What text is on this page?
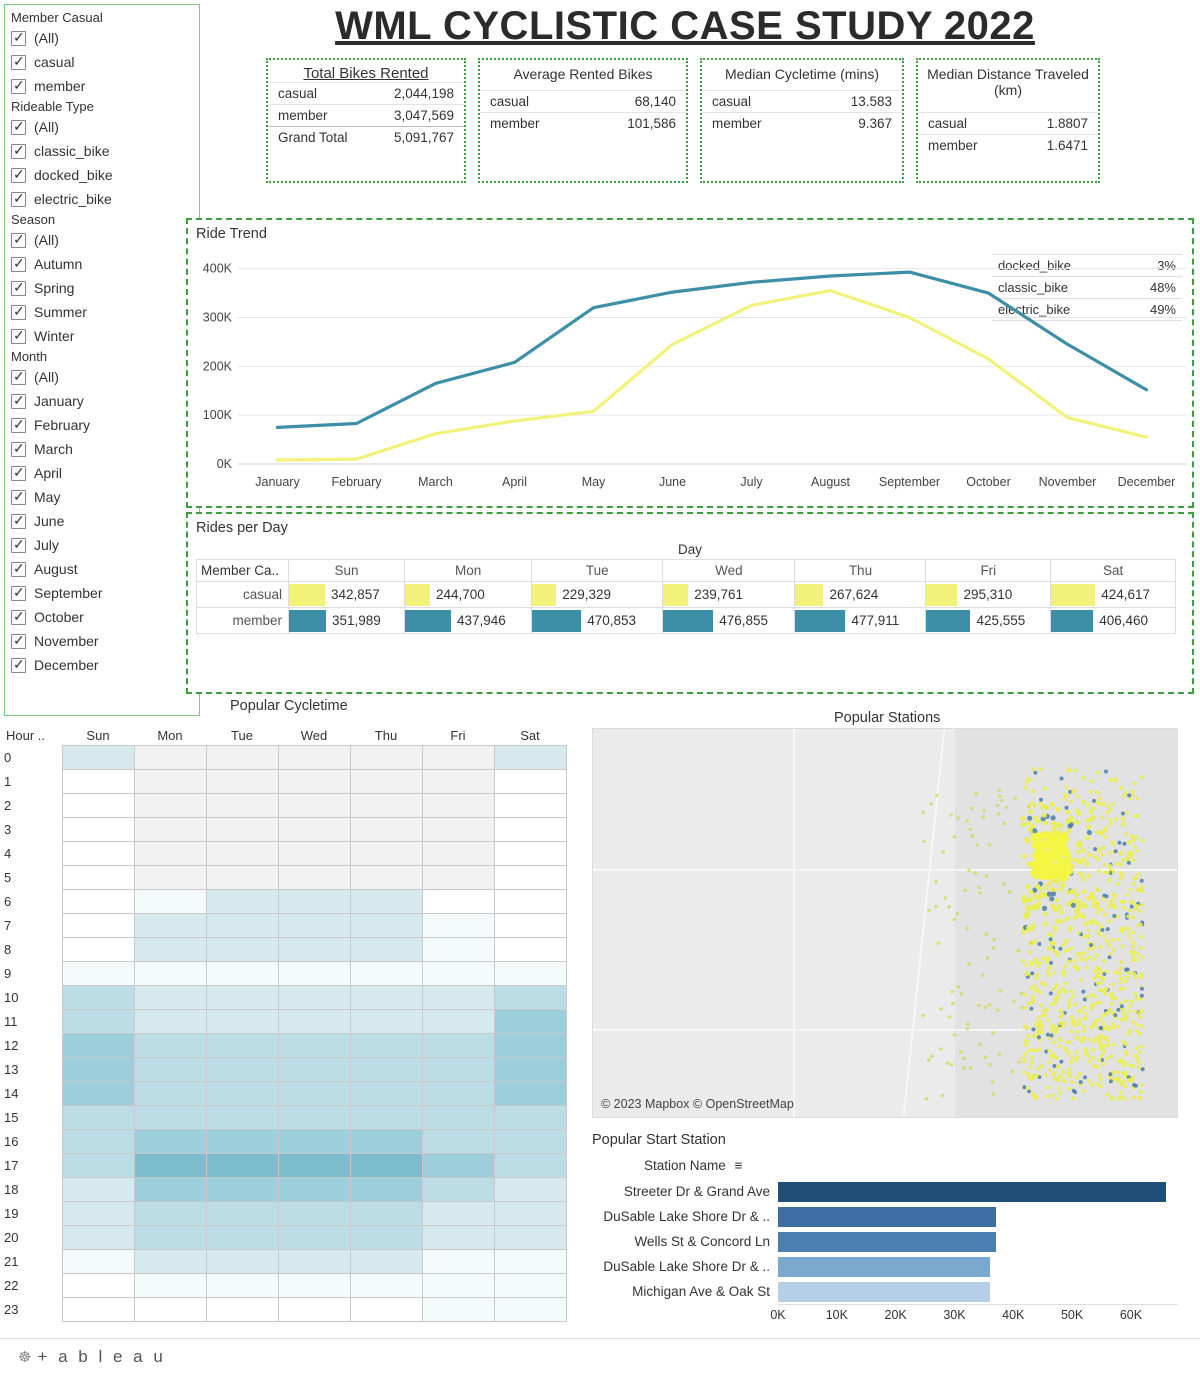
WML CYCLISTIC CASE STUDY 2022
Member Casual
✓
(All)
✓
casual
✓
member
Rideable Type
✓
(All)
✓
classic_bike
✓
docked_bike
✓
electric_bike
Season
✓
(All)
✓
Autumn
✓
Spring
✓
Summer
✓
Winter
Month
✓
(All)
✓
January
✓
February
✓
March
✓
April
✓
May
✓
June
✓
July
✓
August
✓
September
✓
October
✓
November
✓
December
Total Bikes Rented
casual	2,044,198
member	3,047,569
Grand Total	5,091,767
Average Rented Bikes
casual	68,140
member	101,586
Median Cycletime (mins)
casual	13.583
member	9.367
Median Distance Traveled (km)
casual	1.8807
member	1.6471
Ride Trend
docked_bike	3%
classic_bike	48%
electric_bike	49%
0K
100K
200K
300K
400K
January	February	March	April	May	June	July	August September October November December
Rides per Day
Day
Member Ca..	Sun	Mon	Tue	Wed	Thu	Fri	Sat
casual	342,857	244,700	229,329	239,761	267,624	295,310	424,617

member	351,989	437,946	470,853	476,855	477,911	425,555	406,460
Popular Cycletime
Hour ..	Sun	Mon	Tue	Wed	Thu	Fri	Sat
0							
1							
2							
3							
4							
5							
6							
7							
8							
9							
10							
11							
12							
13							
14							
15							
16							
17							
18							
19							
20							
21							
22							
23							
Popular Stations
© 2023 Mapbox © OpenStreetMap
Popular Start Station
Station Name ≡
Streeter Dr & Grand Ave
DuSable Lake Shore Dr & ..
Wells St & Concord Ln
DuSable Lake Shore Dr & ..
Michigan Ave & Oak St
0K	10K	20K	30K	40K	50K	60K
☸ + a b l e a u
